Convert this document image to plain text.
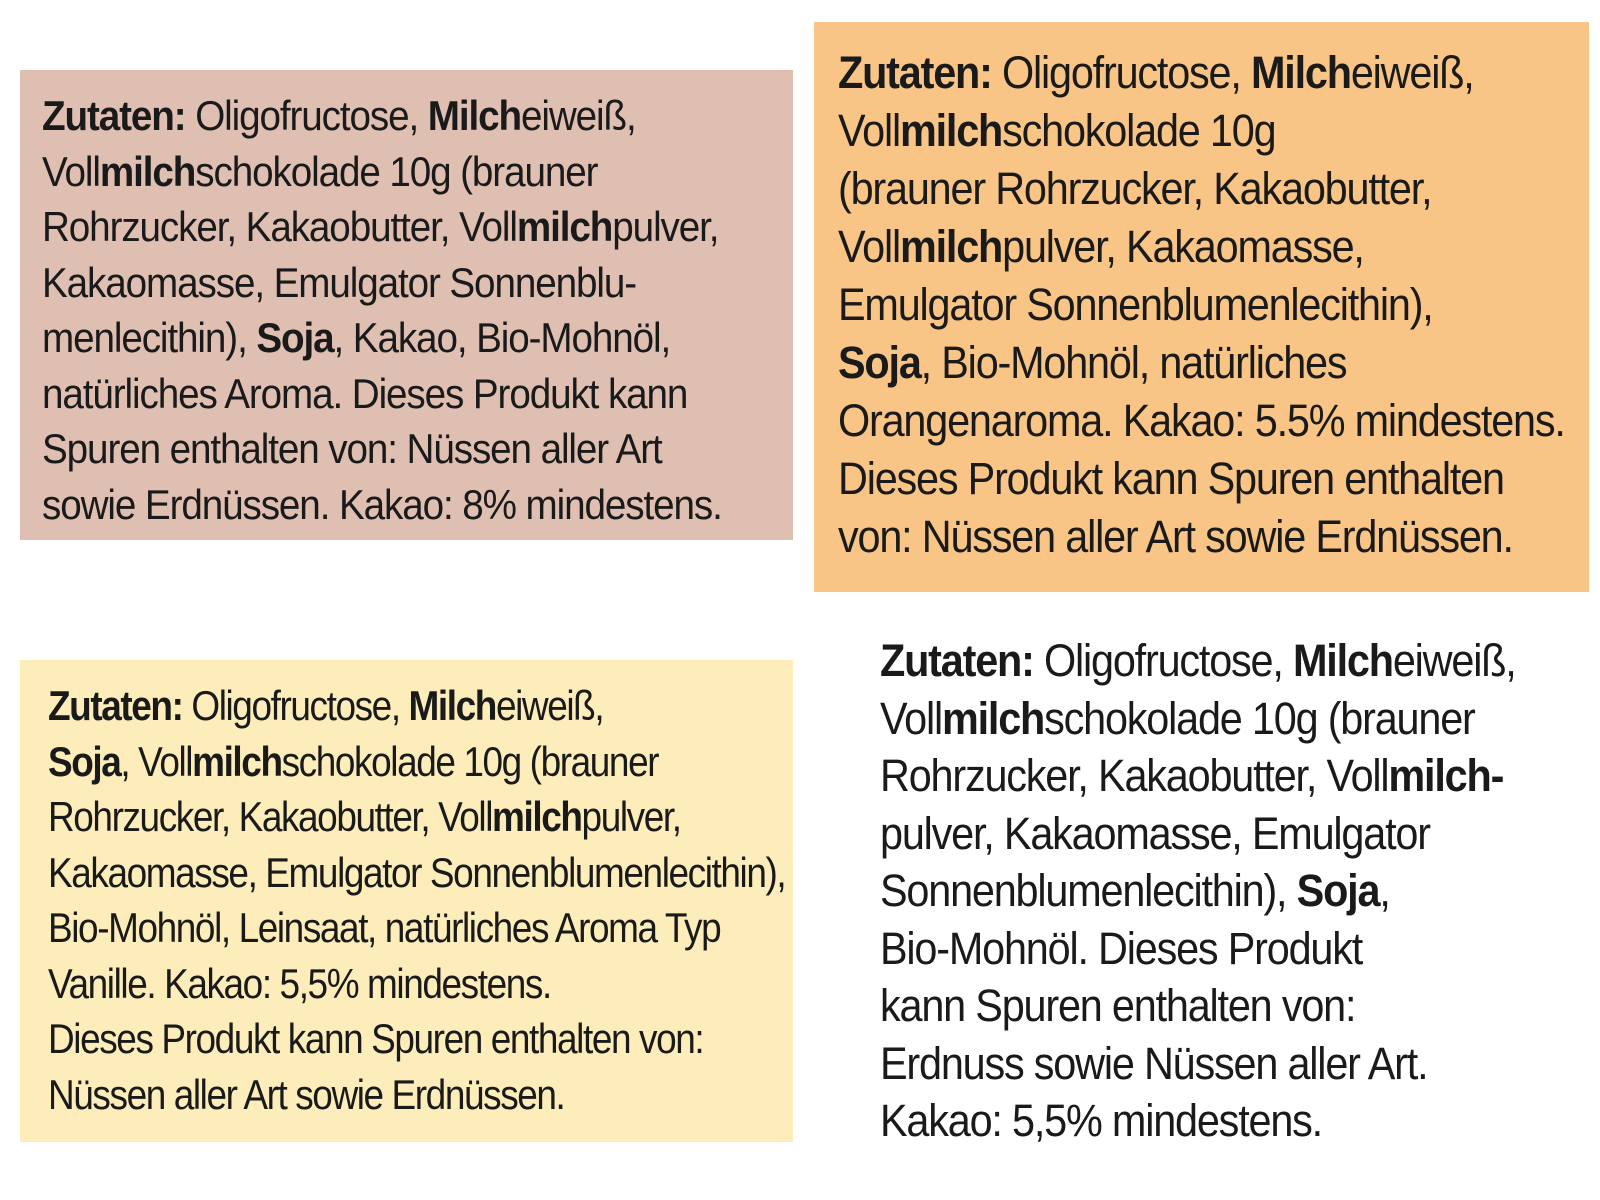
Zutaten: Oligofructose, Milcheiweiß,
Vollmilchschokolade 10g (brauner
Rohrzucker, Kakaobutter, Vollmilchpulver,
Kakaomasse, Emulgator Sonnenblu-
menlecithin), Soja, Kakao, Bio-Mohnöl,
natürliches Aroma. Dieses Produkt kann
Spuren enthalten von: Nüssen aller Art
sowie Erdnüssen. Kakao: 8% mindestens.

Zutaten: Oligofructose, Milcheiweiß,
Vollmilchschokolade 10g
(brauner Rohrzucker, Kakaobutter,
Vollmilchpulver, Kakaomasse,
Emulgator Sonnenblumenlecithin),
Soja, Bio-Mohnöl, natürliches
Orangenaroma. Kakao: 5.5% mindestens.
Dieses Produkt kann Spuren enthalten
von: Nüssen aller Art sowie Erdnüssen.

Zutaten: Oligofructose, Milcheiweiß,
Soja, Vollmilchschokolade 10g (brauner
Rohrzucker, Kakaobutter, Vollmilchpulver,
Kakaomasse, Emulgator Sonnenblumenlecithin),
Bio-Mohnöl, Leinsaat, natürliches Aroma Typ
Vanille. Kakao: 5,5% mindestens.
Dieses Produkt kann Spuren enthalten von:
Nüssen aller Art sowie Erdnüssen.

Zutaten: Oligofructose, Milcheiweiß,
Vollmilchschokolade 10g (brauner
Rohrzucker, Kakaobutter, Vollmilch-
pulver, Kakaomasse, Emulgator
Sonnenblumenlecithin), Soja,
Bio-Mohnöl. Dieses Produkt
kann Spuren enthalten von:
Erdnuss sowie Nüssen aller Art.
Kakao: 5,5% mindestens.
